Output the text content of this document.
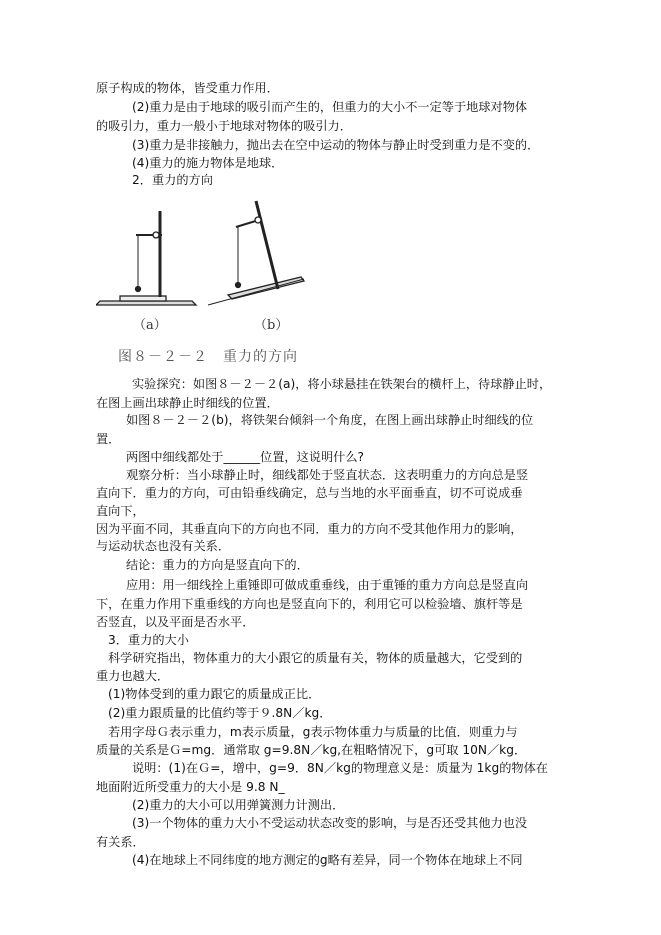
原子构成的物体，皆受重力作用．
(2)重力是由于地球的吸引而产生的，但重力的大小不一定等于地球对物体
的吸引力，重力一般小于地球对物体的吸引力．
(3)重力是非接触力，抛出去在空中运动的物体与静止时受到重力是不变的．
(4)重力的施力物体是地球．
2．重力的方向
（a）	（b）
图８－２－２　重力的方向
实验探究：如图８－２－２(a)，将小球悬挂在铁架台的横杆上，待球静止时，
在图上画出球静止时细线的位置．
如图８－２－２(b)，将铁架台倾斜一个角度，在图上画出球静止时细线的位
置．
两图中细线都处于______位置，这说明什么?
观察分析：当小球静止时，细线都处于竖直状态．这表明重力的方向总是竖
直向下．重力的方向，可由铅垂线确定，总与当地的水平面垂直，切不可说成垂
直向下，
因为平面不同，其垂直向下的方向也不同．重力的方向不受其他作用力的影响，
与运动状态也没有关系．
结论：重力的方向是竖直向下的．
应用：用一细线拴上重锤即可做成重垂线，由于重锤的重力方向总是竖直向
下，在重力作用下重垂线的方向也是竖直向下的，利用它可以检验墙、旗杆等是
否竖直，以及平面是否水平．
3．重力的大小
科学研究指出，物体重力的大小跟它的质量有关，物体的质量越大，它受到的
重力也越大．
(1)物体受到的重力跟它的质量成正比．
(2)重力跟质量的比值约等于９.8N／kg．
若用字母Ｇ表示重力，m表示质量，g表示物体重力与质量的比值．则重力与
质量的关系是Ｇ=mg．通常取 g=9.8N／kg,在粗略情况下，g可取 10N／kg．
说明：(1)在Ｇ=，增中，g=9．8N／kg的物理意义是：质量为 1kg的物体在
地面附近所受重力的大小是 9.8 N_
(2)重力的大小可以用弹簧测力计测出．
(3)一个物体的重力大小不受运动状态改变的影响，与是否还受其他力也没
有关系．
(4)在地球上不同纬度的地方测定的g略有差异，同一个物体在地球上不同
